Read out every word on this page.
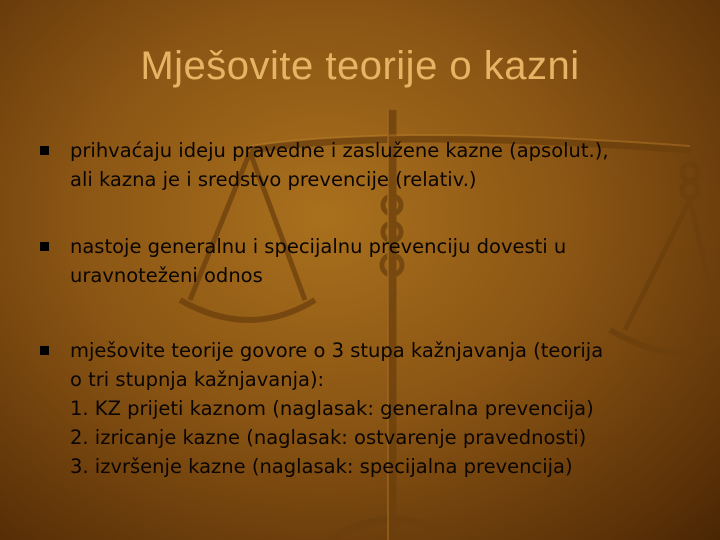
Mješovite teorije o kazni
prihvaćaju ideju pravedne i zaslužene kazne (apsolut.),
ali kazna je i sredstvo prevencije (relativ.)
nastoje generalnu i specijalnu prevenciju dovesti u
uravnoteženi odnos
mješovite teorije govore o 3 stupa kažnjavanja (teorija
o tri stupnja kažnjavanja):
1. KZ prijeti kaznom (naglasak: generalna prevencija)
2. izricanje kazne (naglasak: ostvarenje pravednosti)
3. izvršenje kazne (naglasak: specijalna prevencija)
